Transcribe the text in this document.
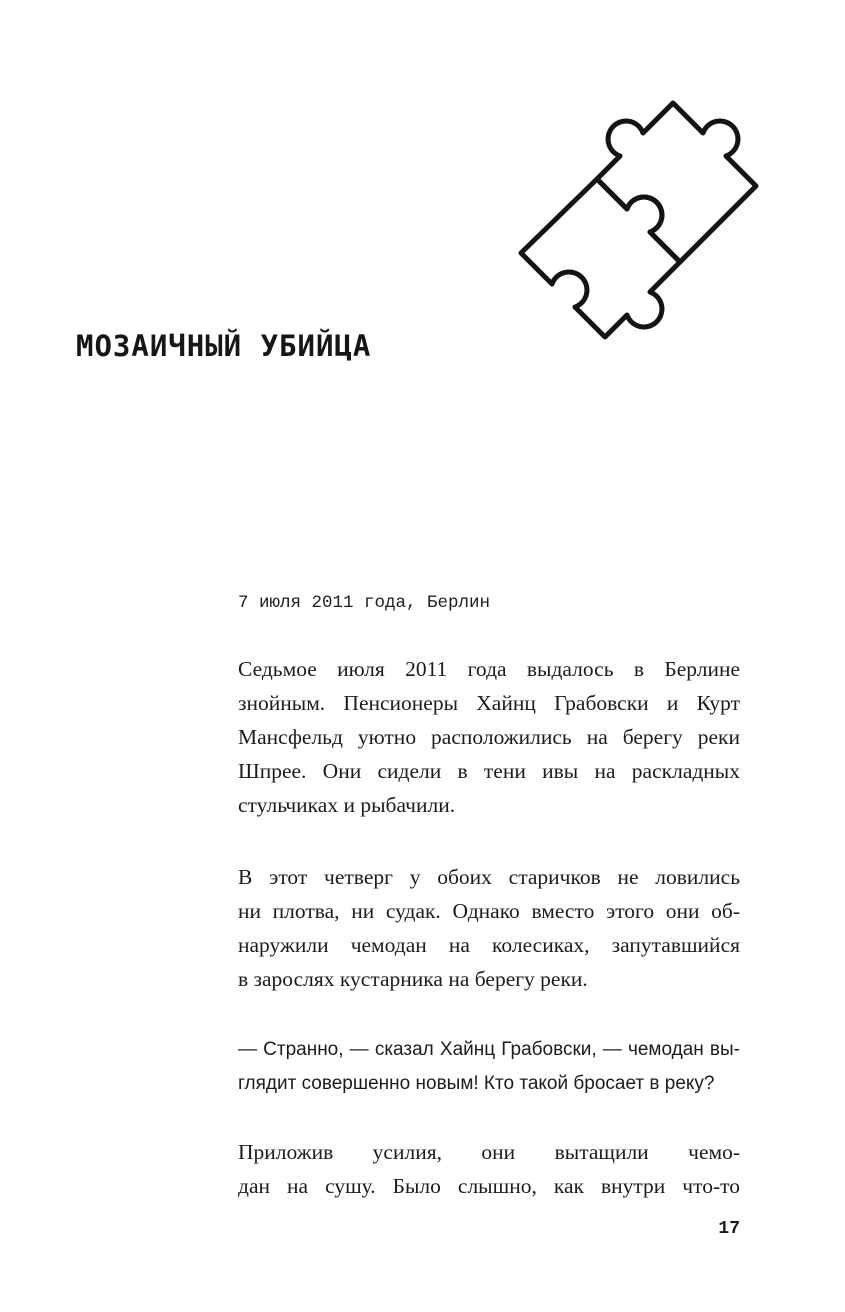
МОЗАИЧНЫЙ УБИЙЦА
7 июля 2011 года, Берлин
Седьмое июля 2011 года выдалось в Берлине
знойным. Пенсионеры Хайнц Грабовски и Курт
Мансфельд уютно расположились на берегу реки
Шпрее. Они сидели в тени ивы на раскладных
стульчиках и рыбачили.
В этот четверг у обоих старичков не ловились
ни плотва, ни судак. Однако вместо этого они об-
наружили чемодан на колесиках, запутавшийся
в зарослях кустарника на берегу реки.
— Странно, — сказал Хайнц Грабовски, — чемодан вы-
глядит совершенно новым! Кто такой бросает в реку?
Приложив усилия, они вытащили чемо-
дан на сушу. Было слышно, как внутри что-то
17
